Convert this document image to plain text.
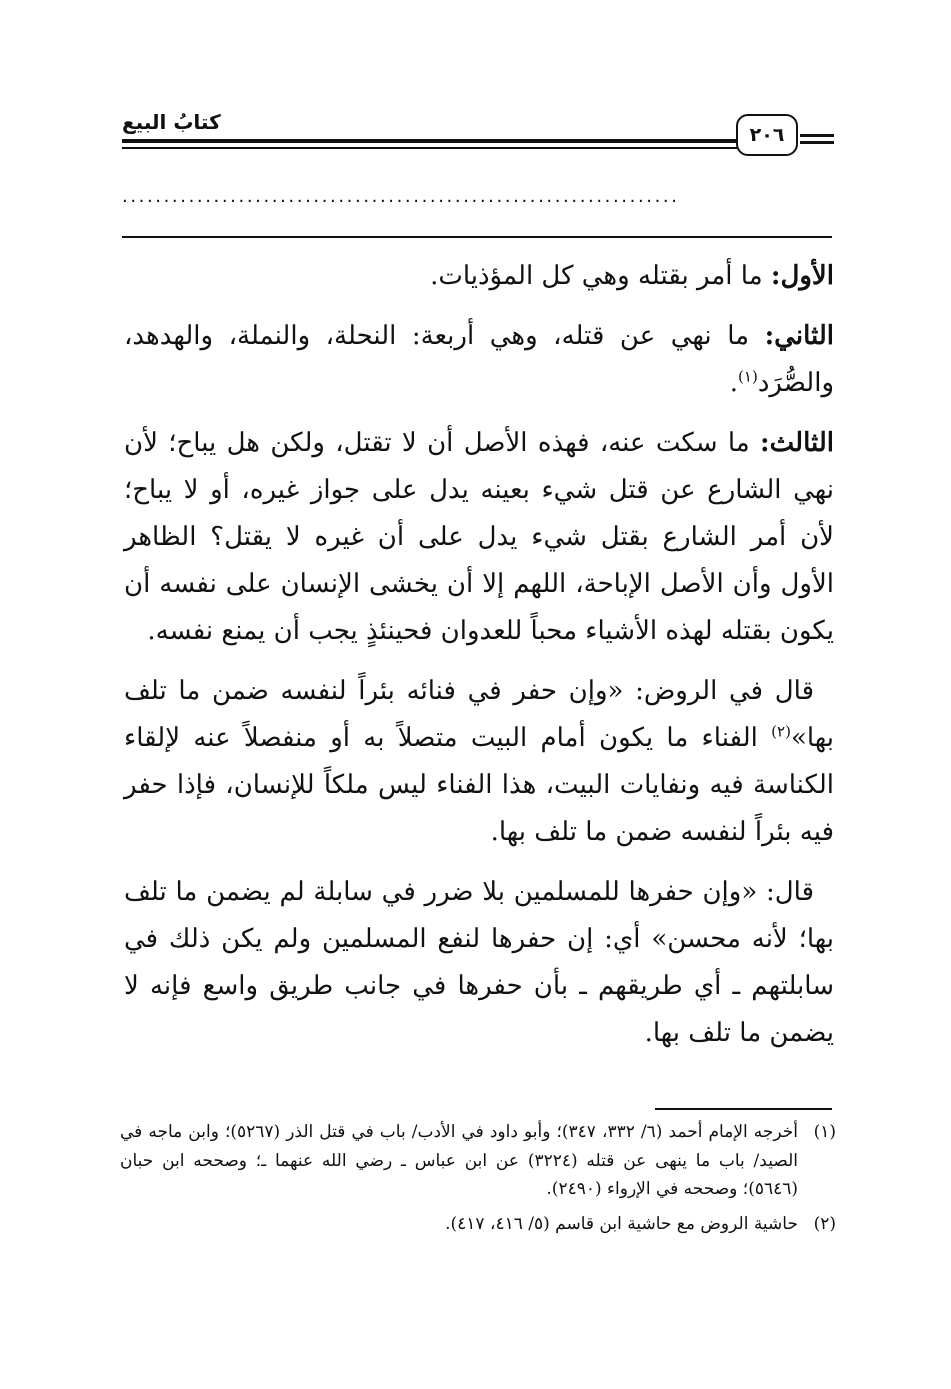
٢٠٦
كتابُ البيع
...................................................................

الأول: ما أمر بقتله وهي كل المؤذيات.

الثاني: ما نهي عن قتله، وهي أربعة: النحلة، والنملة، والهدهد، والصُّرَد$^{(١)}$.

الثالث: ما سكت عنه، فهذه الأصل أن لا تقتل، ولكن هل يباح؛ لأن نهي الشارع عن قتل شيء بعينه يدل على جواز غيره، أو لا يباح؛ لأن أمر الشارع بقتل شيء يدل على أن غيره لا يقتل؟ الظاهر الأول وأن الأصل الإباحة، اللهم إلا أن يخشى الإنسان على نفسه أن يكون بقتله لهذه الأشياء محباً للعدوان فحينئذٍ يجب أن يمنع نفسه.

قال في الروض: «وإن حفر في فنائه بئراً لنفسه ضمن ما تلف بها»$^{(٢)}$ الفناء ما يكون أمام البيت متصلاً به أو منفصلاً عنه لإلقاء الكناسة فيه ونفايات البيت، هذا الفناء ليس ملكاً للإنسان، فإذا حفر فيه بئراً لنفسه ضمن ما تلف بها.

قال: «وإن حفرها للمسلمين بلا ضرر في سابلة لم يضمن ما تلف بها؛ لأنه محسن» أي: إن حفرها لنفع المسلمين ولم يكن ذلك في سابلتهم ـ أي طريقهم ـ بأن حفرها في جانب طريق واسع فإنه لا يضمن ما تلف بها.

(١)
أخرجه الإمام أحمد (٦/ ٣٣٢، ٣٤٧)؛ وأبو داود في الأدب/ باب في قتل الذر (٥٢٦٧)؛ وابن ماجه في الصيد/ باب ما ينهى عن قتله (٣٢٢٤) عن ابن عباس ـ رضي الله عنهما ـ؛ وصححه ابن حبان (٥٦٤٦)؛ وصححه في الإرواء (٢٤٩٠).
(٢)
حاشية الروض مع حاشية ابن قاسم (٥/ ٤١٦، ٤١٧).
